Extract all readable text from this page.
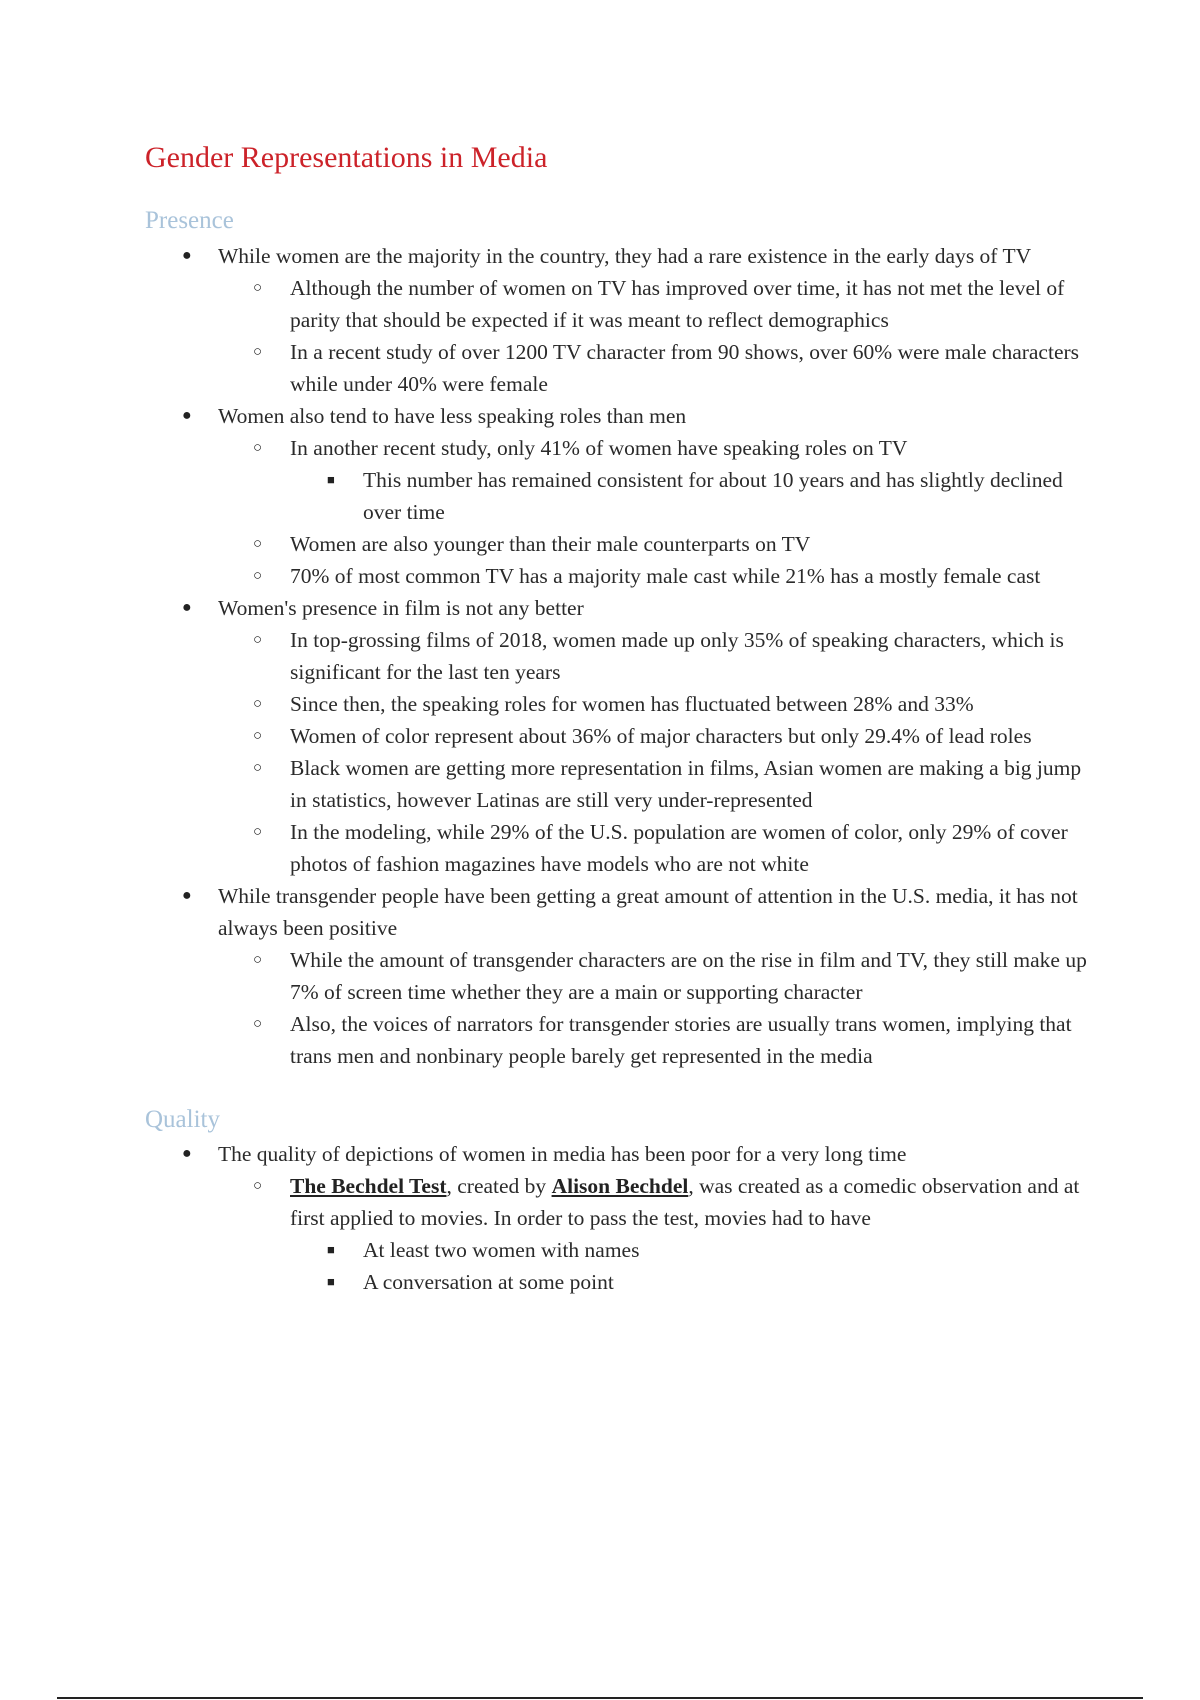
Gender Representations in Media
Presence
● While women are the majority in the country, they had a rare existence in the early days of TV
○ Although the number of women on TV has improved over time, it has not met the level of parity that should be expected if it was meant to reflect demographics
○ In a recent study of over 1200 TV character from 90 shows, over 60% were male characters while under 40% were female
● Women also tend to have less speaking roles than men
○ In another recent study, only 41% of women have speaking roles on TV
■ This number has remained consistent for about 10 years and has slightly declined over time
○ Women are also younger than their male counterparts on TV
○ 70% of most common TV has a majority male cast while 21% has a mostly female cast
● Women's presence in film is not any better
○ In top-grossing films of 2018, women made up only 35% of speaking characters, which is significant for the last ten years
○ Since then, the speaking roles for women has fluctuated between 28% and 33%
○ Women of color represent about 36% of major characters but only 29.4% of lead roles
○ Black women are getting more representation in films, Asian women are making a big jump in statistics, however Latinas are still very under-represented
○ In the modeling, while 29% of the U.S. population are women of color, only 29% of cover photos of fashion magazines have models who are not white
● While transgender people have been getting a great amount of attention in the U.S. media, it has not always been positive
○ While the amount of transgender characters are on the rise in film and TV, they still make up 7% of screen time whether they are a main or supporting character
○ Also, the voices of narrators for transgender stories are usually trans women, implying that trans men and nonbinary people barely get represented in the media
Quality
● The quality of depictions of women in media has been poor for a very long time
○ The Bechdel Test, created by Alison Bechdel, was created as a comedic observation and at first applied to movies. In order to pass the test, movies had to have
■ At least two women with names
■ A conversation at some point
